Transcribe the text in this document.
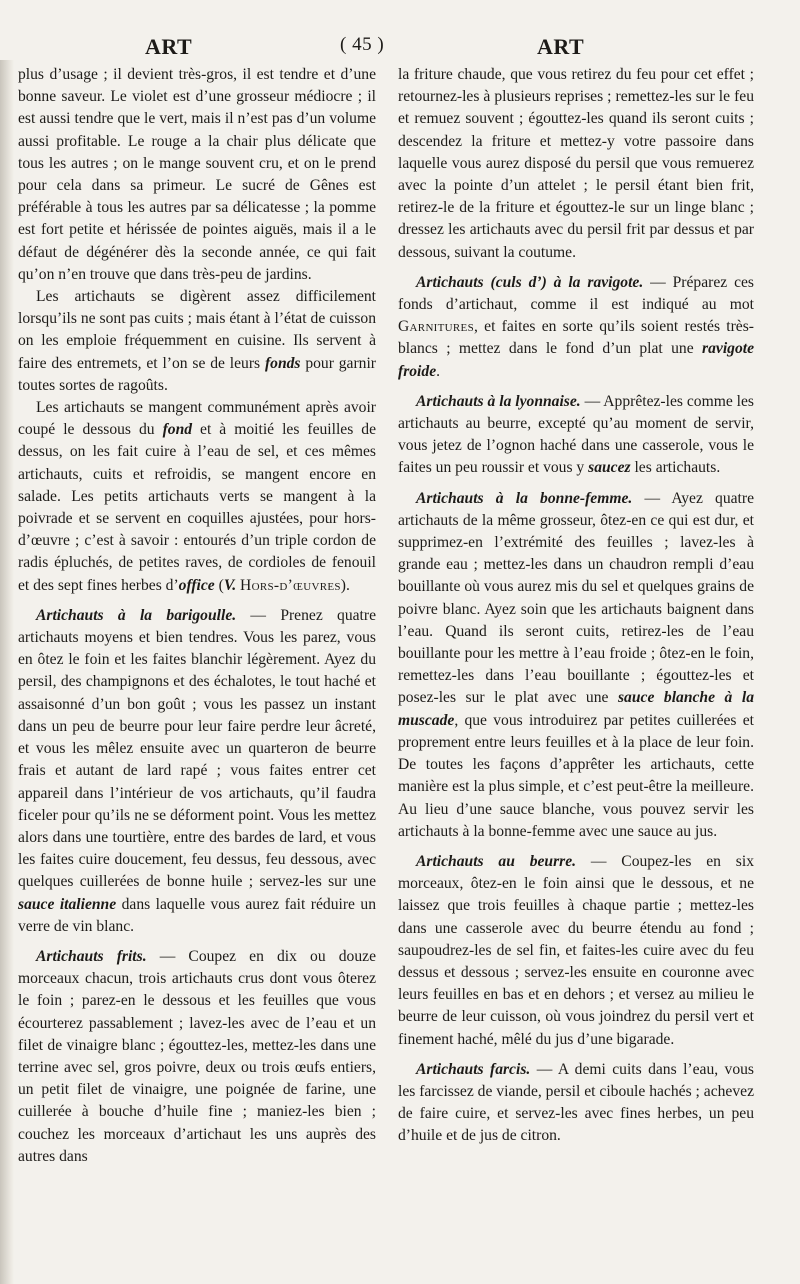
ART	( 45 )	ART

plus d’usage ; il devient très-gros, il est tendre et d’une bonne saveur. Le violet est d’une grosseur médiocre ; il est aussi tendre que le vert, mais il n’est pas d’un volume aussi profitable. Le rouge a la chair plus délicate que tous les autres ; on le mange souvent cru, et on le prend pour cela dans sa primeur. Le sucré de Gênes est préférable à tous les autres par sa délicatesse ; la pomme est fort petite et hérissée de pointes aiguës, mais il a le défaut de dégénérer dès la seconde année, ce qui fait qu’on n’en trouve que dans très-peu de jardins.

Les artichauts se digèrent assez difficilement lorsqu’ils ne sont pas cuits ; mais étant à l’état de cuisson on les emploie fréquemment en cuisine. Ils servent à faire des entremets, et l’on se de leurs fonds pour garnir toutes sortes de ragoûts.

Les artichauts se mangent communément après avoir coupé le dessous du fond et à moitié les feuilles de dessus, on les fait cuire à l’eau de sel, et ces mêmes artichauts, cuits et refroidis, se mangent encore en salade. Les petits artichauts verts se mangent à la poivrade et se servent en coquilles ajustées, pour hors-d’œuvre ; c’est à savoir : entourés d’un triple cordon de radis épluchés, de petites raves, de cordioles de fenouil et des sept fines herbes d’office (V. Hors-d’œuvres).

Artichauts à la barigoulle. — Prenez quatre artichauts moyens et bien tendres. Vous les parez, vous en ôtez le foin et les faites blanchir légèrement. Ayez du persil, des champignons et des échalotes, le tout haché et assaisonné d’un bon goût ; vous les passez un instant dans un peu de beurre pour leur faire perdre leur âcreté, et vous les mêlez ensuite avec un quarteron de beurre frais et autant de lard rapé ; vous faites entrer cet appareil dans l’intérieur de vos artichauts, qu’il faudra ficeler pour qu’ils ne se déforment point. Vous les mettez alors dans une tourtière, entre des bardes de lard, et vous les faites cuire doucement, feu dessus, feu dessous, avec quelques cuillerées de bonne huile ; servez-les sur une sauce italienne dans laquelle vous aurez fait réduire un verre de vin blanc.

Artichauts frits. — Coupez en dix ou douze morceaux chacun, trois artichauts crus dont vous ôterez le foin ; parez-en le dessous et les feuilles que vous écourterez passablement ; lavez-les avec de l’eau et un filet de vinaigre blanc ; égouttez-les, mettez-les dans une terrine avec sel, gros poivre, deux ou trois œufs entiers, un petit filet de vinaigre, une poignée de farine, une cuillerée à bouche d’huile fine ; maniez-les bien ; couchez les morceaux d’artichaut les uns auprès des autres dans

la friture chaude, que vous retirez du feu pour cet effet ; retournez-les à plusieurs reprises ; remettez-les sur le feu et remuez souvent ; égouttez-les quand ils seront cuits ; descendez la friture et mettez-y votre passoire dans laquelle vous aurez disposé du persil que vous remuerez avec la pointe d’un attelet ; le persil étant bien frit, retirez-le de la friture et égouttez-le sur un linge blanc ; dressez les artichauts avec du persil frit par dessus et par dessous, suivant la coutume.

Artichauts (culs d’) à la ravigote. — Préparez ces fonds d’artichaut, comme il est indiqué au mot Garnitures, et faites en sorte qu’ils soient restés très-blancs ; mettez dans le fond d’un plat une ravigote froide.

Artichauts à la lyonnaise. — Apprêtez-les comme les artichauts au beurre, excepté qu’au moment de servir, vous jetez de l’ognon haché dans une casserole, vous le faites un peu roussir et vous y saucez les artichauts.

Artichauts à la bonne-femme. — Ayez quatre artichauts de la même grosseur, ôtez-en ce qui est dur, et supprimez-en l’extrémité des feuilles ; lavez-les à grande eau ; mettez-les dans un chaudron rempli d’eau bouillante où vous aurez mis du sel et quelques grains de poivre blanc. Ayez soin que les artichauts baignent dans l’eau. Quand ils seront cuits, retirez-les de l’eau bouillante pour les mettre à l’eau froide ; ôtez-en le foin, remettez-les dans l’eau bouillante ; égouttez-les et posez-les sur le plat avec une sauce blanche à la muscade, que vous introduirez par petites cuillerées et proprement entre leurs feuilles et à la place de leur foin. De toutes les façons d’apprêter les artichauts, cette manière est la plus simple, et c’est peut-être la meilleure. Au lieu d’une sauce blanche, vous pouvez servir les artichauts à la bonne-femme avec une sauce au jus.

Artichauts au beurre. — Coupez-les en six morceaux, ôtez-en le foin ainsi que le dessous, et ne laissez que trois feuilles à chaque partie ; mettez-les dans une casserole avec du beurre étendu au fond ; saupoudrez-les de sel fin, et faites-les cuire avec du feu dessus et dessous ; servez-les ensuite en couronne avec leurs feuilles en bas et en dehors ; et versez au milieu le beurre de leur cuisson, où vous joindrez du persil vert et finement haché, mêlé du jus d’une bigarade.

Artichauts farcis. — A demi cuits dans l’eau, vous les farcissez de viande, persil et ciboule hachés ; achevez de faire cuire, et servez-les avec fines herbes, un peu d’huile et de jus de citron.
